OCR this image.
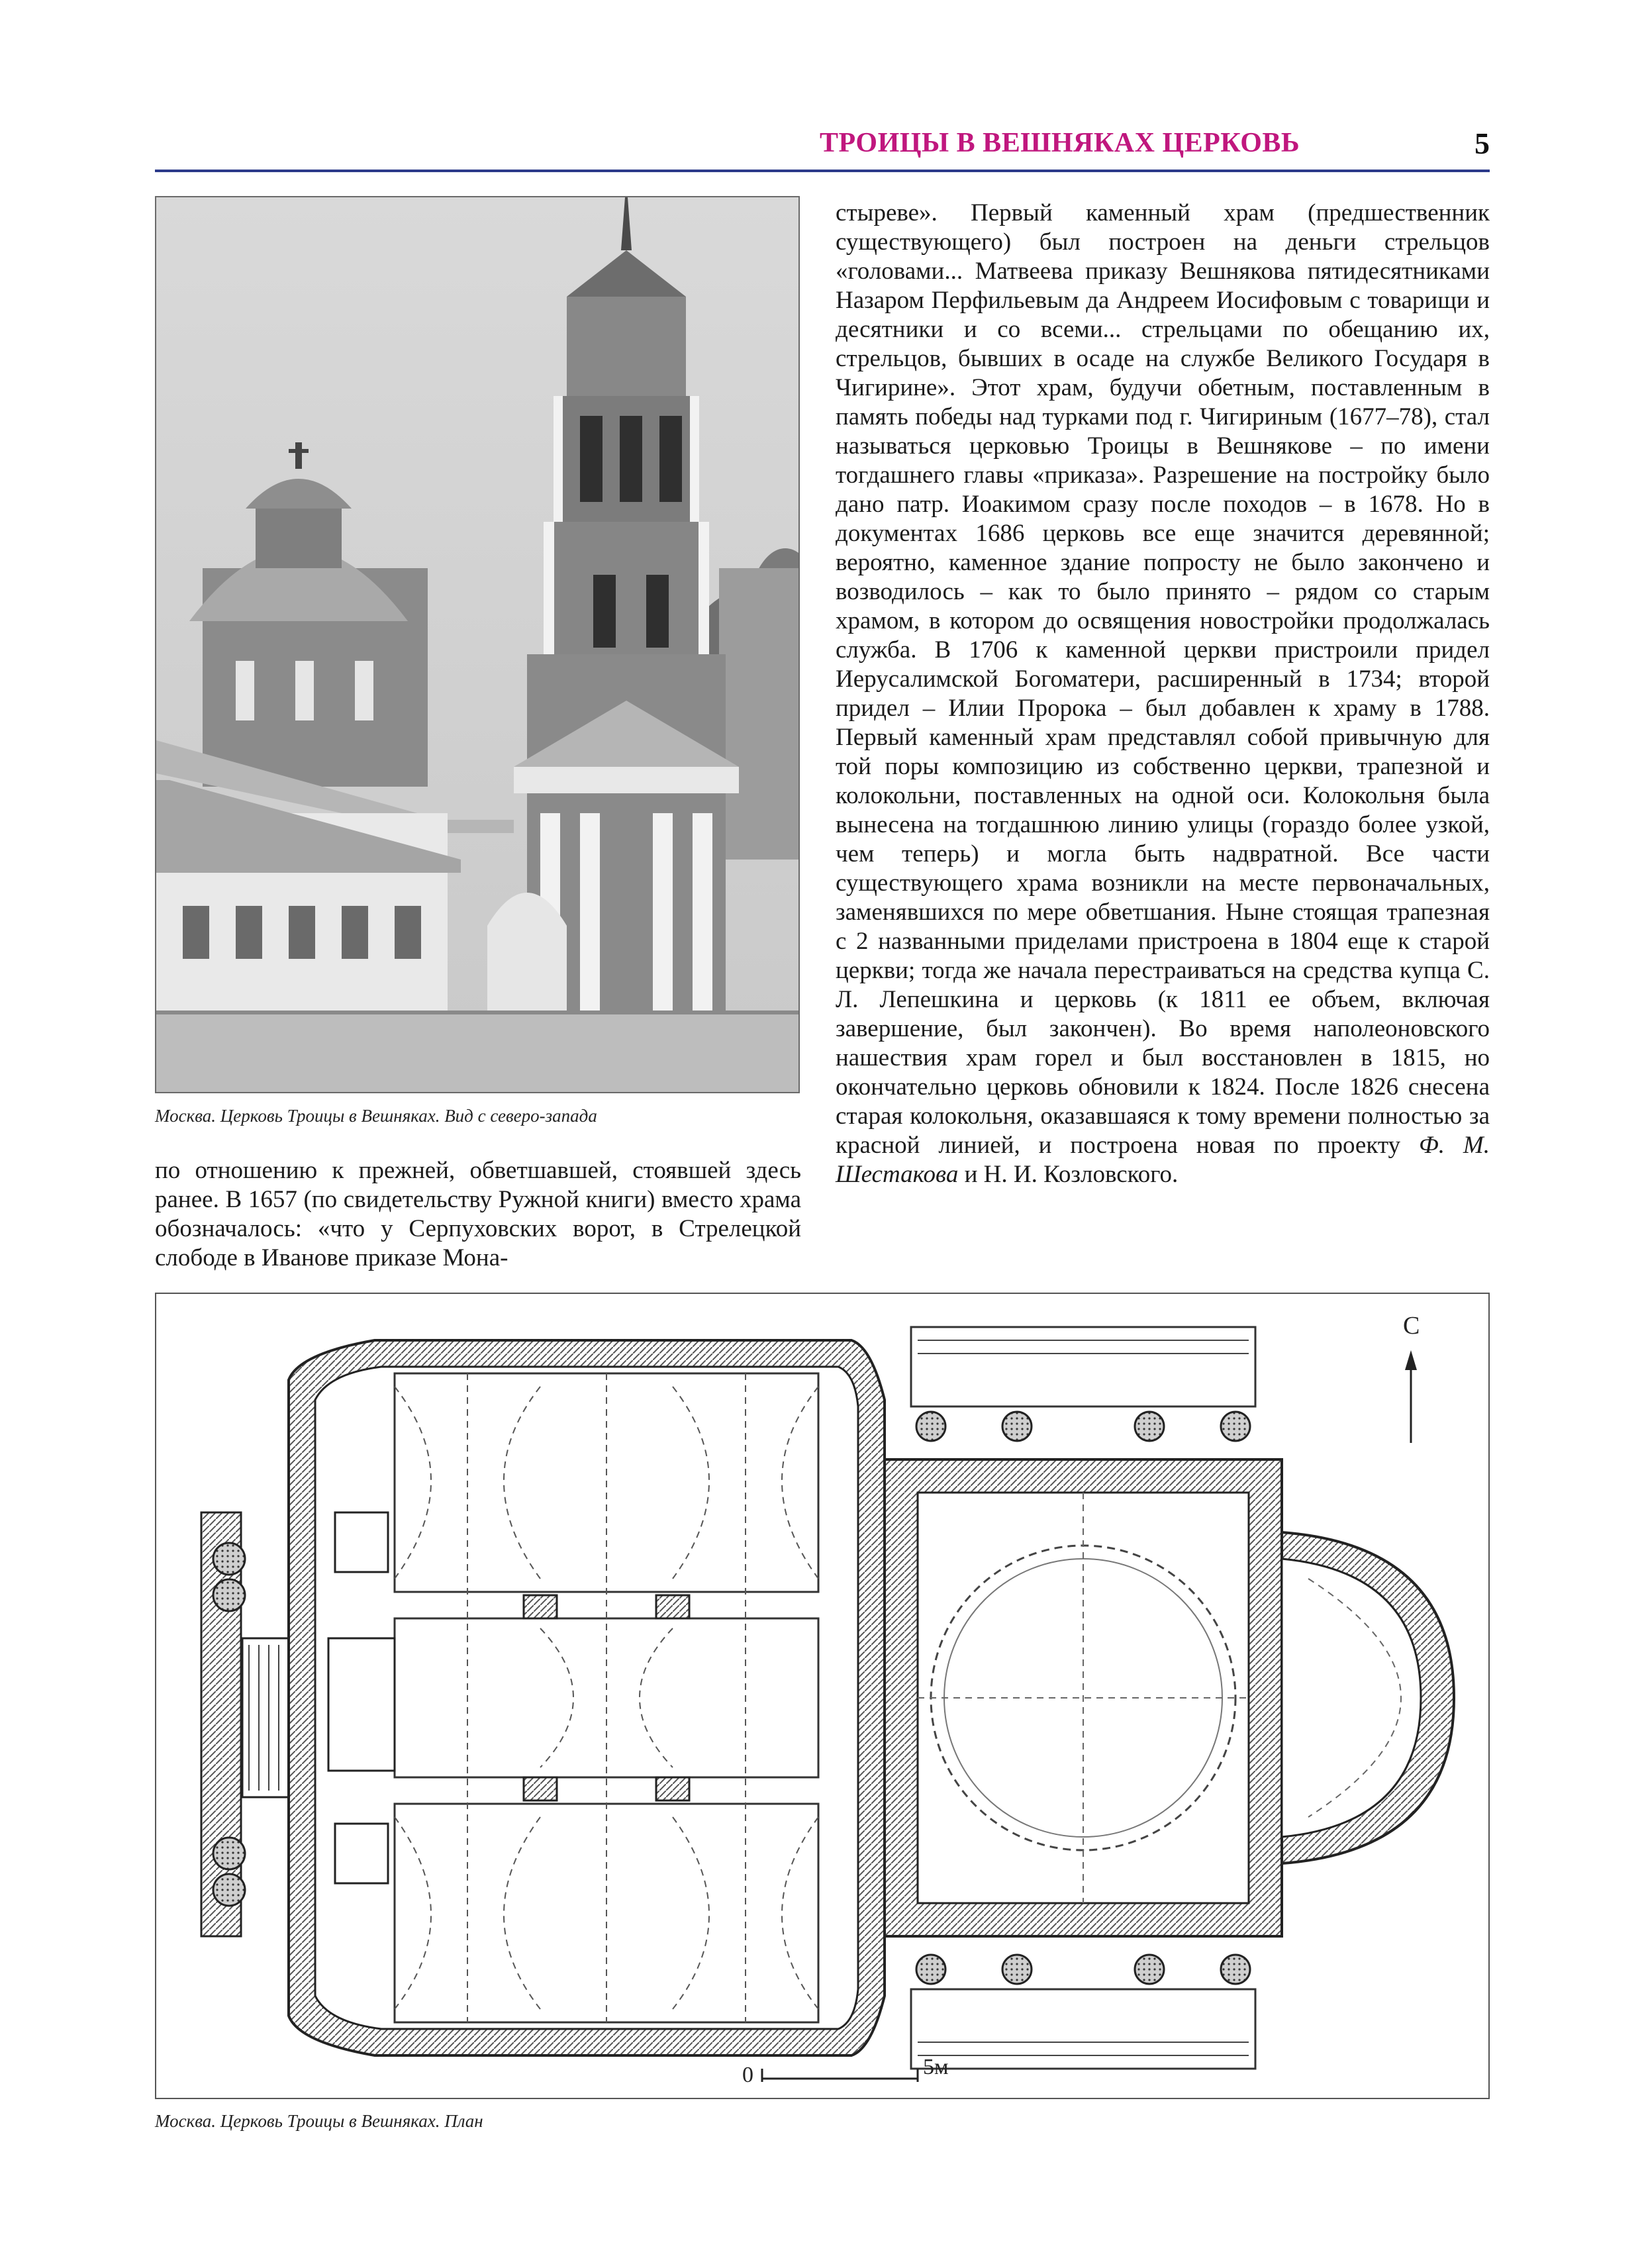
ТРОИЦЫ В ВЕШНЯКАХ ЦЕРКОВЬ	5
Москва. Церковь Троицы в Вешняках. Вид с северо-запада

по отношению к прежней, обветшавшей, стоявшей здесь ранее. В 1657 (по свидетельству Ружной книги) вместо храма обозначалось: «что у Серпуховских ворот, в Стрелецкой слободе в Иванове приказе Мона-

стыреве». Первый каменный храм (предшественник существующего) был построен на деньги стрельцов «головами... Матвеева приказу Вешнякова пятидесятниками Назаром Перфильевым да Андреем Иосифовым с товарищи и десятники и со всеми... стрельцами по обещанию их, стрельцов, бывших в осаде на службе Великого Государя в Чигирине». Этот храм, будучи обетным, поставленным в память победы над турками под г. Чигириным (1677–78), стал называться церковью Троицы в Вешнякове – по имени тогдашнего главы «приказа». Разрешение на постройку было дано патр. Иоакимом сразу после походов – в 1678. Но в документах 1686 церковь все еще значится деревянной; вероятно, каменное здание попросту не было закончено и возводилось – как то было принято – рядом со старым храмом, в котором до освящения новостройки продолжалась служба. В 1706 к каменной церкви пристроили придел Иерусалимской Богоматери, расширенный в 1734; второй придел – Илии Пророка – был добавлен к храму в 1788. Первый каменный храм представлял собой привычную для той поры композицию из собственно церкви, трапезной и колокольни, поставленных на одной оси. Колокольня была вынесена на тогдашнюю линию улицы (гораздо более узкой, чем теперь) и могла быть надвратной. Все части существующего храма возникли на месте первоначальных, заменявшихся по мере обветшания. Ныне стоящая трапезная с 2 названными приделами пристроена в 1804 еще к старой церкви; тогда же начала перестраиваться на средства купца С. Л. Лепешкина и церковь (к 1811 ее объем, включая завершение, был закончен). Во время наполеоновского нашествия храм горел и был восстановлен в 1815, но окончательно церковь обновили к 1824. После 1826 снесена старая колокольня, оказавшаяся к тому времени полностью за красной линией, и построена новая по проекту Ф. М. Шестакова и Н. И. Козловского.

С
0	5м
Москва. Церковь Троицы в Вешняках. План
